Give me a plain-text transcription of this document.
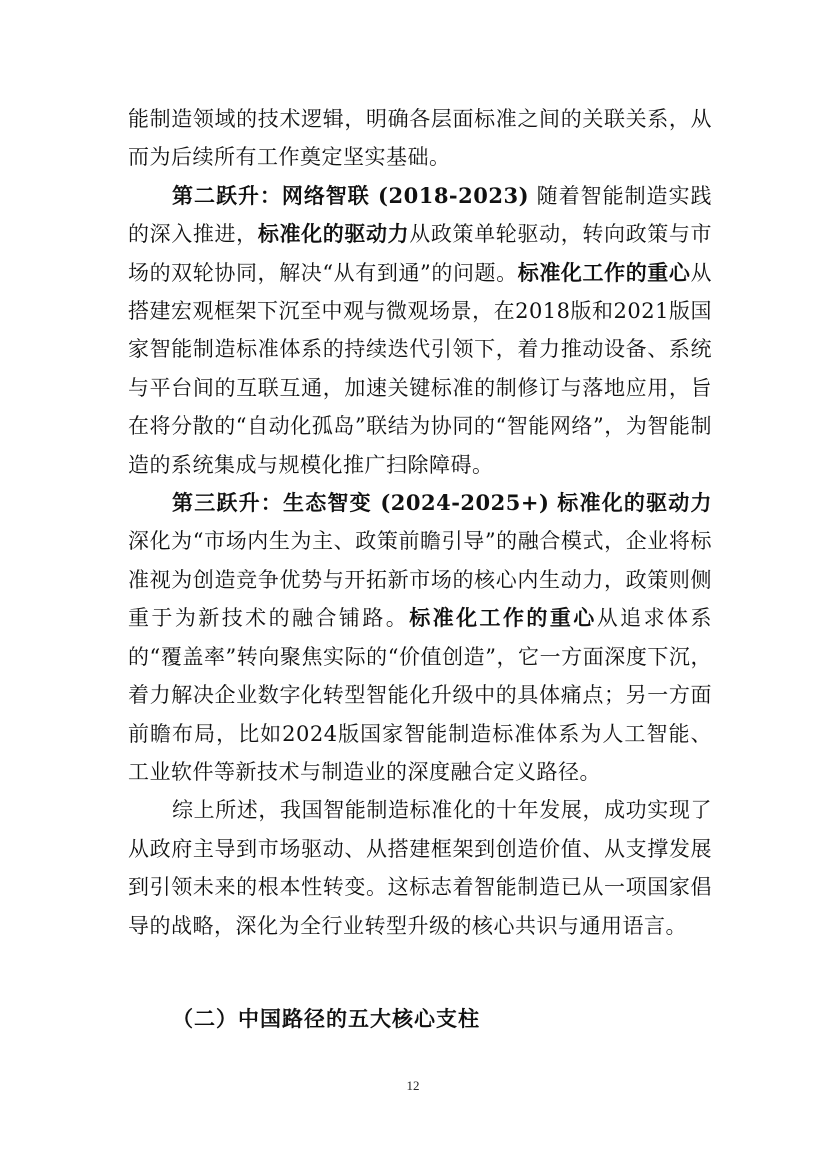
能制造领域的技术逻辑，明确各层面标准之间的关联关系，从而为后续所有工作奠定坚实基础。

第二跃升：网络智联 (2018-2023) 随着智能制造实践的深入推进，标准化的驱动力从政策单轮驱动，转向政策与市场的双轮协同，解决“从有到通”的问题。标准化工作的重心从搭建宏观框架下沉至中观与微观场景，在2018版和2021版国家智能制造标准体系的持续迭代引领下，着力推动设备、系统与平台间的互联互通，加速关键标准的制修订与落地应用，旨在将分散的“自动化孤岛”联结为协同的“智能网络”，为智能制造的系统集成与规模化推广扫除障碍。

第三跃升：生态智变 (2024-2025+) 标准化的驱动力深化为“市场内生为主、政策前瞻引导”的融合模式，企业将标准视为创造竞争优势与开拓新市场的核心内生动力，政策则侧重于为新技术的融合铺路。标准化工作的重心从追求体系的“覆盖率”转向聚焦实际的“价值创造”，它一方面深度下沉，着力解决企业数字化转型智能化升级中的具体痛点；另一方面前瞻布局，比如2024版国家智能制造标准体系为人工智能、工业软件等新技术与制造业的深度融合定义路径。

综上所述，我国智能制造标准化的十年发展，成功实现了从政府主导到市场驱动、从搭建框架到创造价值、从支撑发展到引领未来的根本性转变。这标志着智能制造已从一项国家倡导的战略，深化为全行业转型升级的核心共识与通用语言。

（二）中国路径的五大核心支柱
12
